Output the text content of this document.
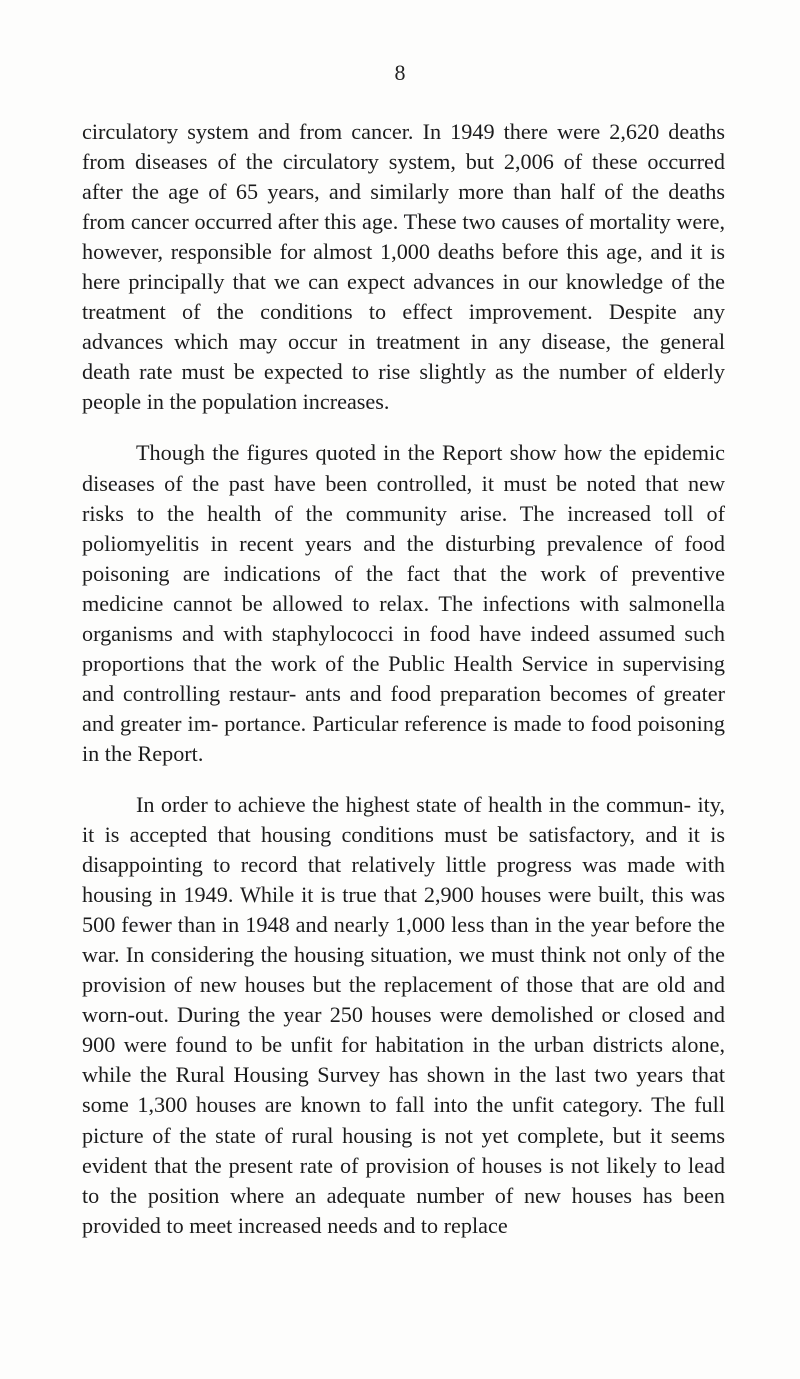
8

circulatory system and from cancer. In 1949 there were 2,620 deaths from diseases of the circulatory system, but 2,006 of these occurred after the age of 65 years, and similarly more than half of the deaths from cancer occurred after this age. These two causes of mortality were, however, responsible for almost 1,000 deaths before this age, and it is here principally that we can expect advances in our knowledge of the treatment of the conditions to effect improvement. Despite any advances which may occur in treatment in any disease, the general death rate must be expected to rise slightly as the number of elderly people in the population increases.

Though the figures quoted in the Report show how the epidemic diseases of the past have been controlled, it must be noted that new risks to the health of the community arise. The increased toll of poliomyelitis in recent years and the disturbing prevalence of food poisoning are indications of the fact that the work of preventive medicine cannot be allowed to relax. The infections with salmonella organisms and with staphylococci in food have indeed assumed such proportions that the work of the Public Health Service in supervising and controlling restaur- ants and food preparation becomes of greater and greater im- portance. Particular reference is made to food poisoning in the Report.

In order to achieve the highest state of health in the commun- ity, it is accepted that housing conditions must be satisfactory, and it is disappointing to record that relatively little progress was made with housing in 1949. While it is true that 2,900 houses were built, this was 500 fewer than in 1948 and nearly 1,000 less than in the year before the war. In considering the housing situation, we must think not only of the provision of new houses but the replacement of those that are old and worn-out. During the year 250 houses were demolished or closed and 900 were found to be unfit for habitation in the urban districts alone, while the Rural Housing Survey has shown in the last two years that some 1,300 houses are known to fall into the unfit category. The full picture of the state of rural housing is not yet complete, but it seems evident that the present rate of provision of houses is not likely to lead to the position where an adequate number of new houses has been provided to meet increased needs and to replace
